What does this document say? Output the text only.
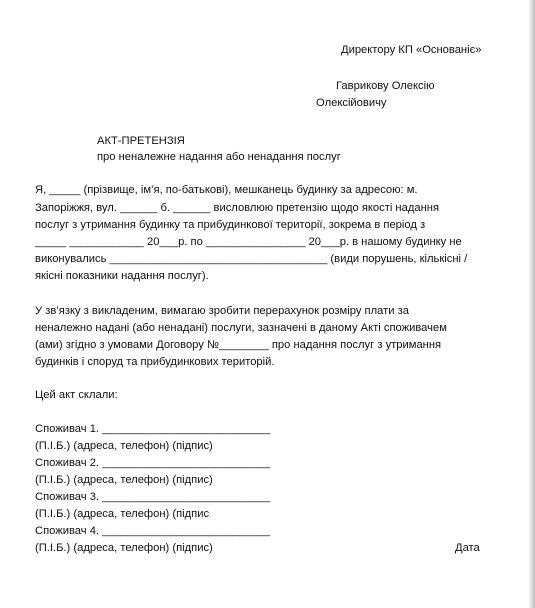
Директору КП «Основаніє»
Гаврикову Олексію
Олексійовичу
АКТ-ПРЕТЕНЗІЯ
про неналежне надання або ненадання послуг
Я, _____ (прізвище, ім’я, по-батькові), мешканець будинку за адресою: м.
Запоріжжя, вул. ______ б. ______ висловлюю претензію щодо якості надання
послуг з утримання будинку та прибудинкової території, зокрема в період з
_____ ____________ 20___р. по ________________ 20___р. в нашому будинку не
виконувались ___________________________________ (види порушень, кількісні /
якісні показники надання послуг).
У зв’язку з викладеним, вимагаю зробити перерахунок розміру плати за
неналежно надані (або ненадані) послуги, зазначені в даному Акті споживачем
(ами) згідно з умовами Договору №________ про надання послуг з утримання
будинків і споруд та прибудинкових територій.
Цей акт склали:
Споживач 1. ___________________________
(П.І.Б.) (адреса, телефон) (підпис)
Споживач 2. ___________________________
(П.І.Б.) (адреса, телефон) (підпис)
Споживач 3. ___________________________
(П.І.Б.) (адреса, телефон) (підпис
Споживач 4. ___________________________
(П.І.Б.) (адреса, телефон) (підпис)	Дата
